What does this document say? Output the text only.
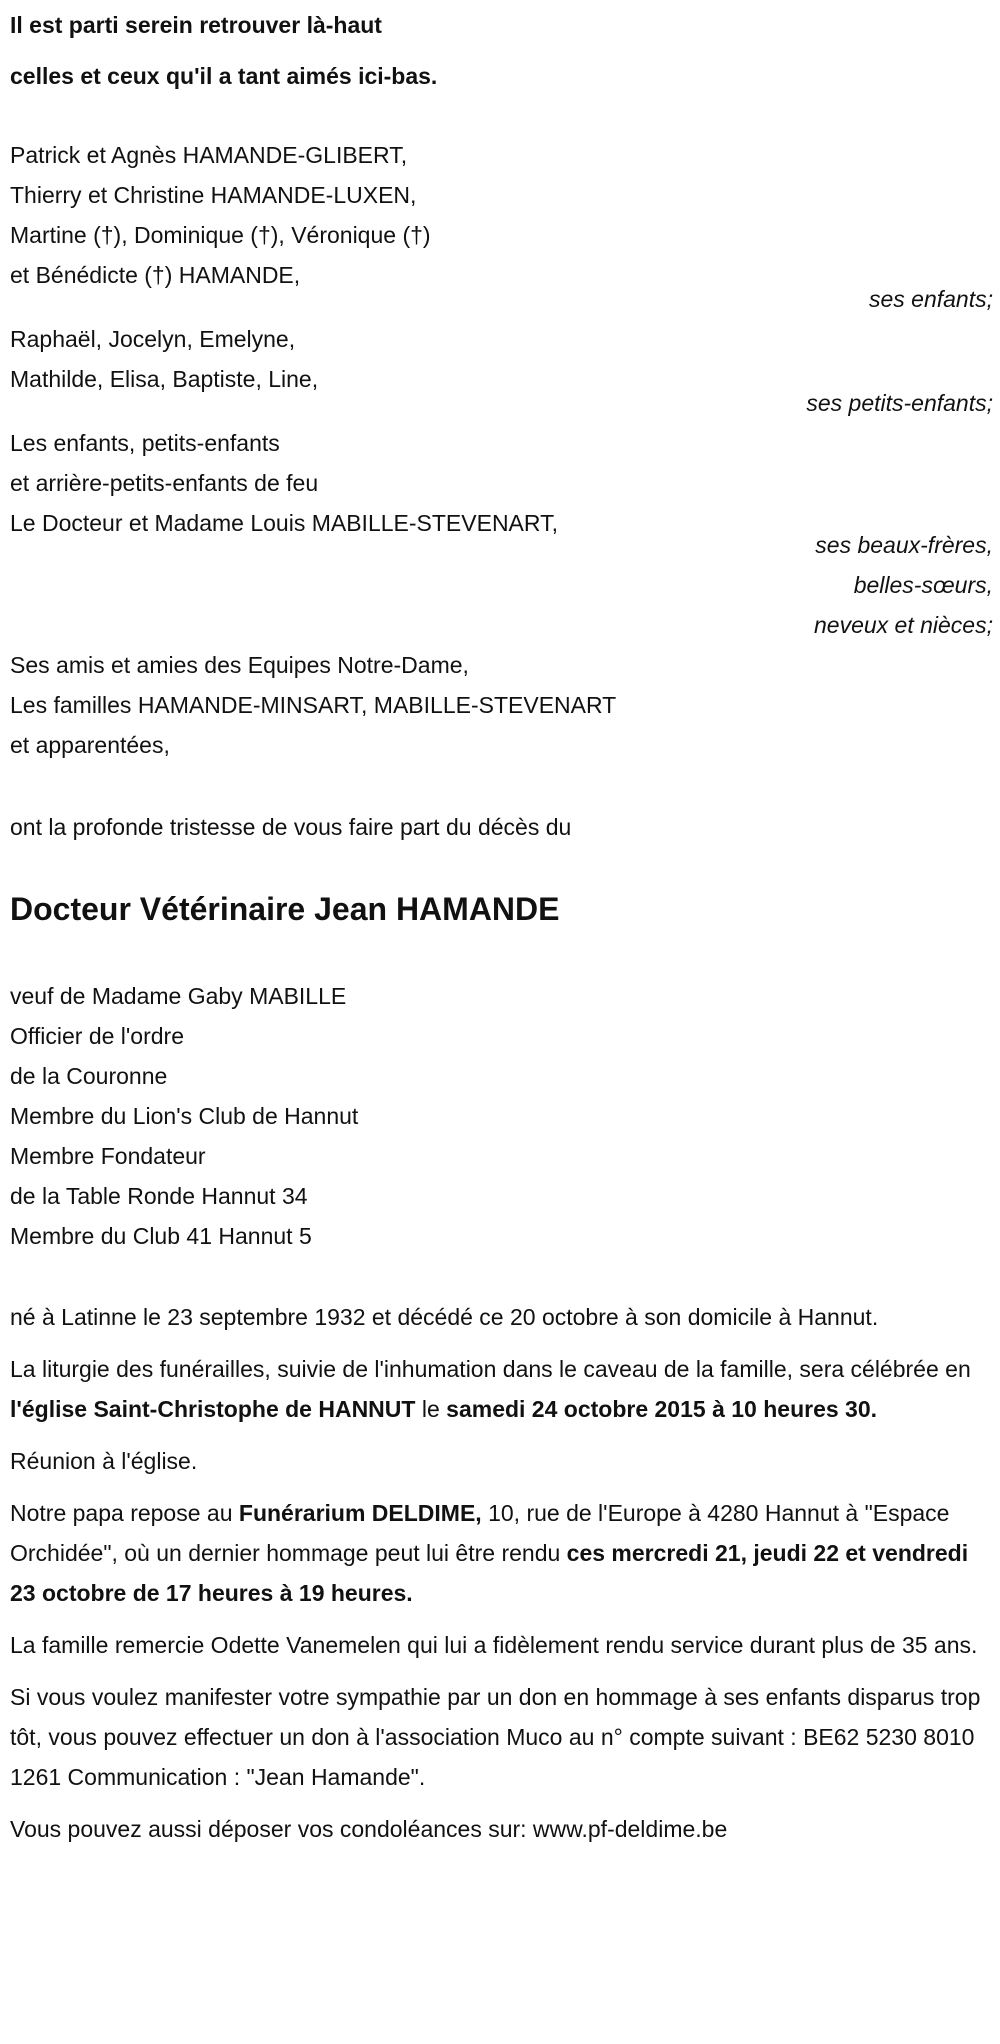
Il est parti serein retrouver là-haut
celles et ceux qu'il a tant aimés ici-bas.
Patrick et Agnès HAMANDE-GLIBERT,
Thierry et Christine HAMANDE-LUXEN,
Martine (†), Dominique (†), Véronique (†)
et Bénédicte (†) HAMANDE,
ses enfants;
Raphaël, Jocelyn, Emelyne,
Mathilde, Elisa, Baptiste, Line,
ses petits-enfants;
Les enfants, petits-enfants
et arrière-petits-enfants de feu
Le Docteur et Madame Louis MABILLE-STEVENART,
ses beaux-frères,
belles-sœurs,
neveux et nièces;
Ses amis et amies des Equipes Notre-Dame,
Les familles HAMANDE-MINSART, MABILLE-STEVENART
et apparentées,
ont la profonde tristesse de vous faire part du décès du
Docteur Vétérinaire Jean HAMANDE
veuf de Madame Gaby MABILLE
Officier de l'ordre
de la Couronne
Membre du Lion's Club de Hannut
Membre Fondateur
de la Table Ronde Hannut 34
Membre du Club 41 Hannut 5

né à Latinne le 23 septembre 1932 et décédé ce 20 octobre à son domicile à Hannut.

La liturgie des funérailles, suivie de l'inhumation dans le caveau de la famille, sera célébrée en l'église Saint-Christophe de HANNUT le samedi 24 octobre 2015 à 10 heures 30.

Réunion à l'église.

Notre papa repose au Funérarium DELDIME, 10, rue de l'Europe à 4280 Hannut à "Espace Orchidée", où un dernier hommage peut lui être rendu ces mercredi 21, jeudi 22 et vendredi 23 octobre de 17 heures à 19 heures.

La famille remercie Odette Vanemelen qui lui a fidèlement rendu service durant plus de 35 ans.

Si vous voulez manifester votre sympathie par un don en hommage à ses enfants disparus trop tôt, vous pouvez effectuer un don à l'association Muco au n° compte suivant : BE62 5230 8010 1261 Communication : "Jean Hamande".

Vous pouvez aussi déposer vos condoléances sur: www.pf-deldime.be
